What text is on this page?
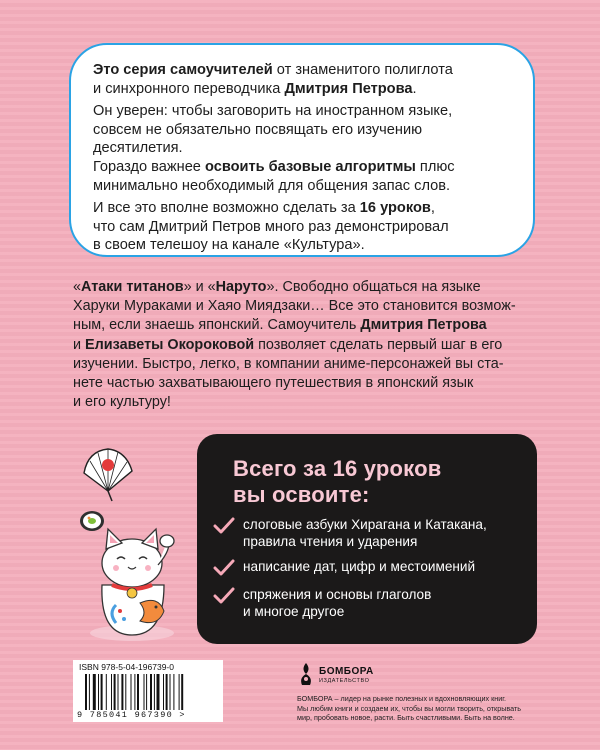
Это серия самоучителей от знаменитого полиглота

и синхронного переводчика Дмитрия Петрова.

Он уверен: чтобы заговорить на иностранном языке,

совсем не обязательно посвящать его изучению десятилетия.

Гораздо важнее освоить базовые алгоритмы плюс

минимально необходимый для общения запас слов.

И все это вполне возможно сделать за 16 уроков,

что сам Дмитрий Петров много раз демонстрировал

в своем телешоу на канале «Культура».

«Атаки титанов» и «Наруто». Свободно общаться на языке

Харуки Мураками и Хаяо Миядзаки… Все это становится возмож-

ным, если знаешь японский. Самоучитель Дмитрия Петрова

и Елизаветы Окороковой позволяет сделать первый шаг в его

изучении. Быстро, легко, в компании аниме-персонажей вы ста-

нете частью захватывающего путешествия в японский язык

и его культуру!

Всего за 16 уроков
вы освоите:
слоговые азбуки Хирагана и Катакана,
правила чтения и ударения
написание дат, цифр и местоимений
спряжения и основы глаголов
и многое другое
ISBN 978-5-04-196739-0
9 785041 967390 >
БОМБОРА
ИЗДАТЕЛЬСТВО
БОМБОРА – лидер на рынке полезных и вдохновляющих книг.
Мы любим книги и создаем их, чтобы вы могли творить, открывать
мир, пробовать новое, расти. Быть счастливыми. Быть на волне.
